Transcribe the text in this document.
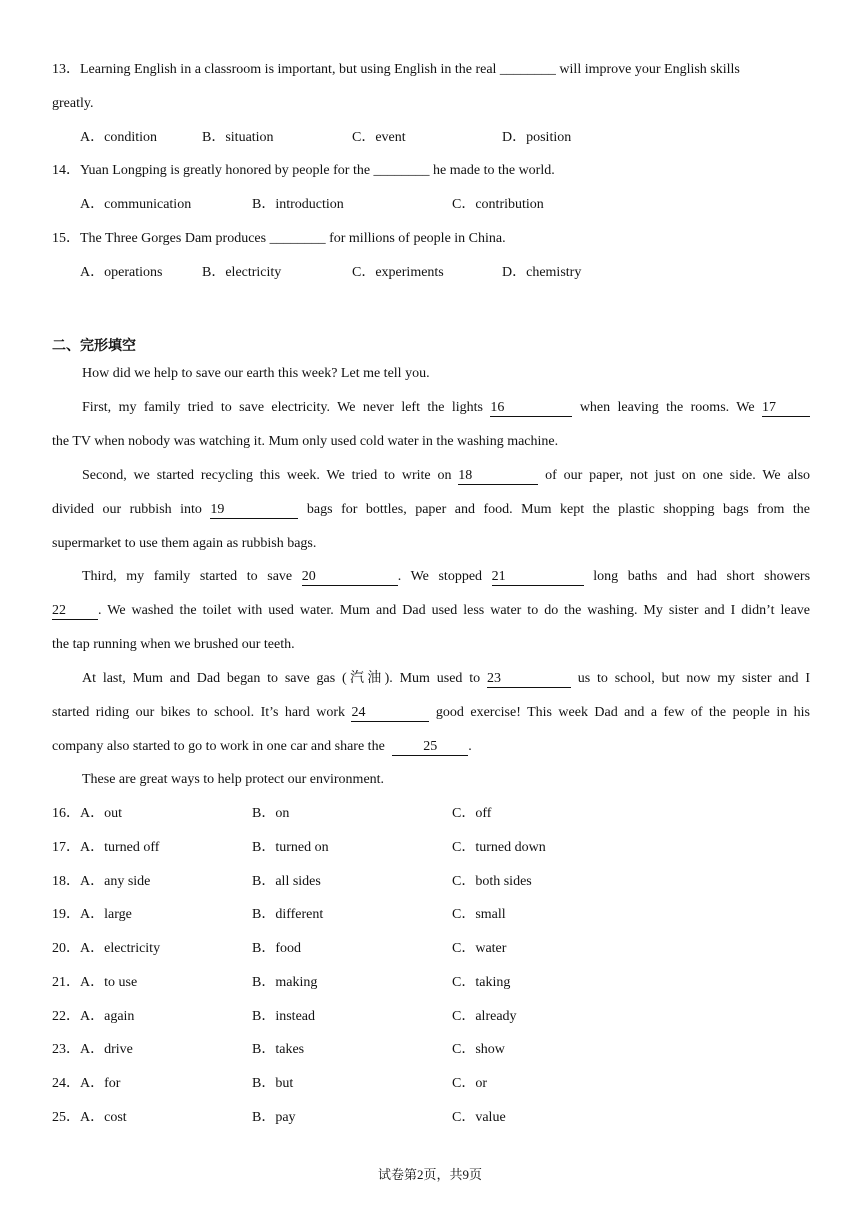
13．Learning English in a classroom is important, but using English in the real ________ will improve your English skills
greatly.
A．condition	B．situation	C．event	D．position
14．Yuan Longping is greatly honored by people for the ________ he made to the world.
A．communication	B．introduction	C．contribution
15．The Three Gorges Dam produces ________ for millions of people in China.
A．operations	B．electricity	C．experiments	D．chemistry
二、完形填空
How did we help to save our earth this week? Let me tell you.
First, my family tried to save electricity. We never left the lights 16	when leaving the rooms. We 17
the TV when nobody was watching it. Mum only used cold water in the washing machine.
Second, we started recycling this week. We tried to write on 18	of our paper, not just on one side. We also
divided our rubbish into 19	bags for bottles, paper and food. Mum kept the plastic shopping bags from the
supermarket to use them again as rubbish bags.
Third, my family started to save 20	. We stopped 21	long baths and had short showers
22 . We washed the toilet with used water. Mum and Dad used less water to do the washing. My sister and I didn’t leave
the tap running when we brushed our teeth.
At last, Mum and Dad began to save gas (汽油). Mum used to 23	us to school, but now my sister and I
started riding our bikes to school. It’s hard work 24	good exercise! This week Dad and a few of the people in his
company also started to go to work in one car and share the	25 .
These are great ways to help protect our environment.
16． A．out	B．on	C．off
17． A．turned off	B．turned on	C．turned down
18． A．any side	B．all sides	C．both sides
19． A．large	B．different	C．small
20． A．electricity	B．food	C．water
21． A．to use	B．making	C．taking
22． A．again	B．instead	C．already
23． A．drive	B．takes	C．show
24． A．for	B．but	C．or
25． A．cost	B．pay	C．value
试卷第2页，共9页
